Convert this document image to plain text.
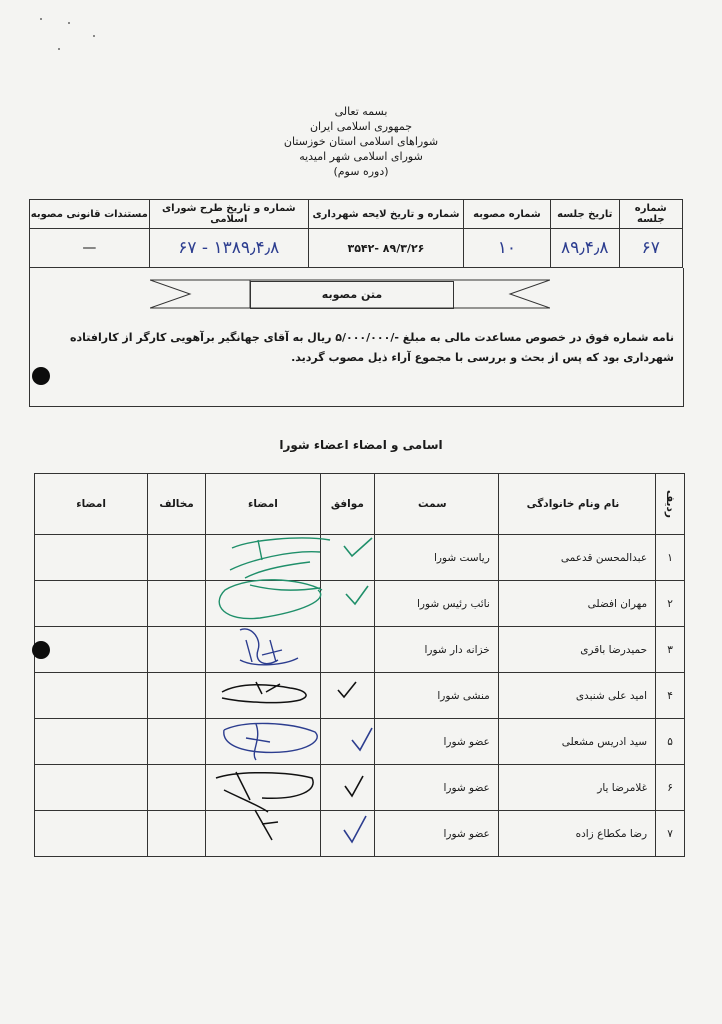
بسمه تعالی
جمهوری اسلامی ایران
شوراهای اسلامی استان خوزستان
شورای اسلامی شهر امیدیه
(دوره سوم)
شماره جلسه	تاریخ جلسه	شماره مصوبه	شماره و تاریخ لایحه شهرداری	شماره و تاریخ طرح شورای اسلامی	مستندات قانونی مصوبه
۶۷	۸۹٫۴٫۸	۱۰	۸۹/۳/۲۶ -۳۵۴۲	۱۳۸۹٫۴٫۸ - ۶۷	—
متن مصوبه
نامه شماره فوق در خصوص مساعدت مالی به مبلغ -/۵/۰۰۰/۰۰۰ ریال به آقای جهانگیر برآهویی کارگر از کارافتاده شهرداری بود که پس از بحث و بررسی با مجموع آراء ذیل مصوب گردید.
اسامی و امضاء اعضاء شورا
ردیف	نام ونام خانوادگی	سمت	موافق	امضاء	مخالف	امضاء
۱	عبدالمحسن قدعمی	ریاست شورا				
۲	مهران افضلی	نائب رئیس شورا				
۳	حمیدرضا باقری	خزانه دار شورا				
۴	امید علی شنبدی	منشی شورا				
۵	سید ادریس مشعلی	عضو شورا				
۶	غلامرضا یار	عضو شورا				
۷	رضا مکطاع زاده	عضو شورا				
